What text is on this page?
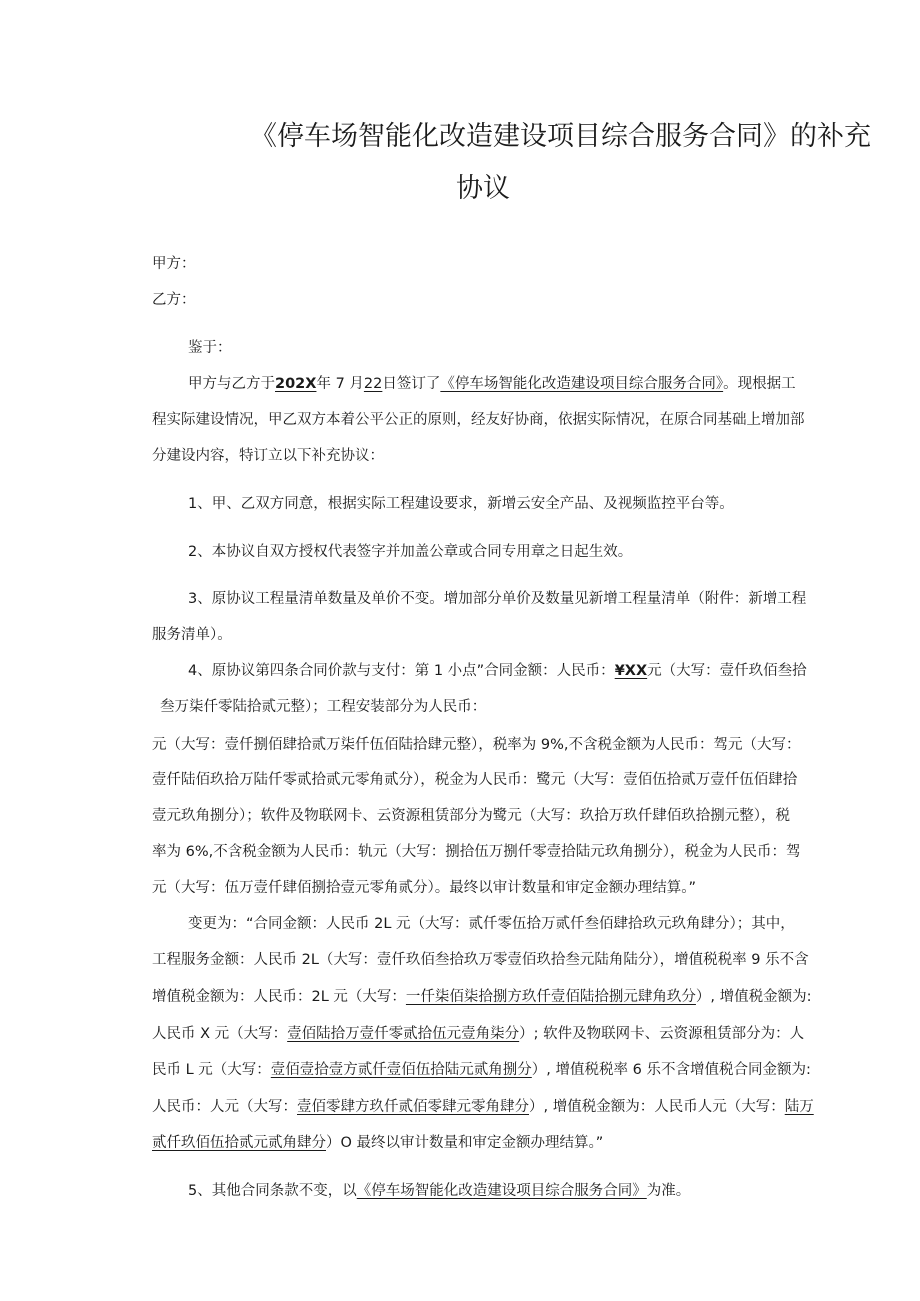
《停车场智能化改造建设项目综合服务合同》的补充
协议
甲方：
乙方：
鉴于：
甲方与乙方于202X年 7 月22日签订了《停车场智能化改造建设项目综合服务合同》。现根据工
程实际建设情况，甲乙双方本着公平公正的原则，经友好协商，依据实际情况，在原合同基础上增加部
分建设内容，特订立以下补充协议：
1、甲、乙双方同意，根据实际工程建设要求，新增云安全产品、及视频监控平台等。
2、本协议自双方授权代表签字并加盖公章或合同专用章之日起生效。
3、原协议工程量清单数量及单价不变。增加部分单价及数量见新增工程量清单（附件：新增工程
服务清单）。
4、原协议第四条合同价款与支付：第 1 小点”合同金额：人民币：¥XX元（大写：壹仟玖佰叁拾
叁万柒仟零陆拾贰元整）；工程安装部分为人民币：
元（大写：壹仟捌佰肆拾贰万柒仟伍佰陆拾肆元整），税率为 9%,不含税金额为人民币：驾元（大写：
壹仟陆佰玖拾万陆仟零贰拾贰元零角贰分），税金为人民币：鹭元（大写：壹佰伍拾贰万壹仟伍佰肆拾
壹元玖角捌分）；软件及物联网卡、云资源租赁部分为鹭元（大写：玖拾万玖仟肆佰玖拾捌元整），税
率为 6%,不含税金额为人民币：轨元（大写：捌拾伍万捌仟零壹拾陆元玖角捌分），税金为人民币：驾
元（大写：伍万壹仟肆佰捌拾壹元零角贰分）。最终以审计数量和审定金额办理结算。”
变更为：“合同金额：人民币 2L 元（大写：贰仟零伍拾万贰仟叁佰肆拾玖元玖角肆分）；其中，
工程服务金额：人民币 2L（大写：壹仟玖佰叁拾玖万零壹佰玖拾叁元陆角陆分），增值税税率 9 乐不含
增值税金额为：人民币：2L 元（大写：一仟柒佰柒拾捌方玖仟壹佰陆拾捌元肆角玖分）, 增值税金额为:
人民币 X 元（大写：壹佰陆拾万壹仟零贰拾伍元壹角柒分）; 软件及物联网卡、云资源租赁部分为：人
民币 L 元（大写：壹佰壹拾壹方贰仟壹佰伍拾陆元贰角捌分）, 增值税税率 6 乐不含增值税合同金额为:
人民币：人元（大写：壹佰零肆方玖仟贰佰零肆元零角肆分）, 增值税金额为：人民币人元（大写：陆万
贰仟玖佰伍拾贰元贰角肆分）O 最终以审计数量和审定金额办理结算。”
5、其他合同条款不变，以《停车场智能化改造建设项目综合服务合同》为准。
